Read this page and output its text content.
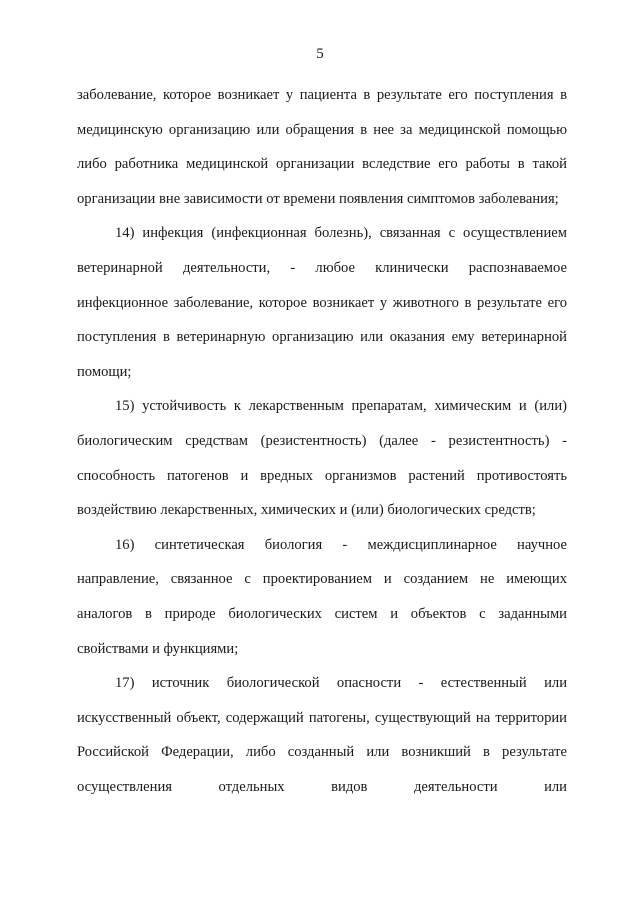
5

заболевание, которое возникает у пациента в результате его поступления в медицинскую организацию или обращения в нее за медицинской помощью либо работника медицинской организации вследствие его работы в такой организации вне зависимости от времени появления симптомов заболевания;

14) инфекция (инфекционная болезнь), связанная с осуществлением ветеринарной деятельности, - любое клинически распознаваемое инфекционное заболевание, которое возникает у животного в результате его поступления в ветеринарную организацию или оказания ему ветеринарной помощи;

15) устойчивость к лекарственным препаратам, химическим и (или) биологическим средствам (резистентность) (далее - резистентность) - способность патогенов и вредных организмов растений противостоять воздействию лекарственных, химических и (или) биологических средств;

16) синтетическая биология - междисциплинарное научное направление, связанное с проектированием и созданием не имеющих аналогов в природе биологических систем и объектов с заданными свойствами и функциями;

17) источник биологической опасности - естественный или искусственный объект, содержащий патогены, существующий на территории Российской Федерации, либо созданный или возникший в результате осуществления отдельных видов деятельности или
